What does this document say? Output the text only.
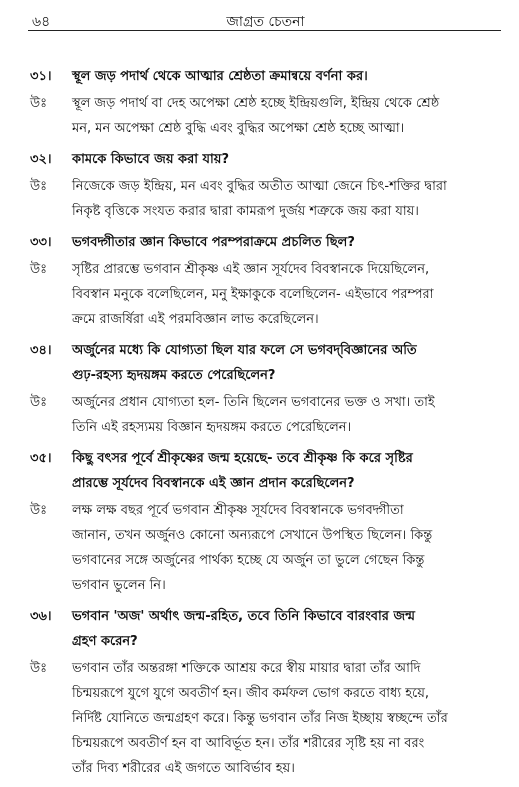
৬৪	জাগ্রত চেতনা
৩১।	স্থূল জড় পদার্থ থেকে আত্মার শ্রেষ্ঠতা ক্রমান্বয়ে বর্ণনা কর।
উঃ	স্থূল জড় পদার্থ বা দেহ অপেক্ষা শ্রেষ্ঠ হচ্ছে ইন্দ্রিয়গুলি, ইন্দ্রিয় থেকে শ্রেষ্ঠ
মন, মন অপেক্ষা শ্রেষ্ঠ বুদ্ধি এবং বুদ্ধির অপেক্ষা শ্রেষ্ঠ হচ্ছে আত্মা।
৩২।	কামকে কিভাবে জয় করা যায়?
উঃ	নিজেকে জড় ইন্দ্রিয়, মন এবং বুদ্ধির অতীত আত্মা জেনে চিৎ-শক্তির দ্বারা
নিকৃষ্ট বৃত্তিকে সংযত করার দ্বারা কামরূপ দুর্জয় শত্রুকে জয় করা যায়।
৩৩।	ভগবদ্গীতার জ্ঞান কিভাবে পরম্পরাক্রমে প্রচলিত ছিল?
উঃ	সৃষ্টির প্রারম্ভে ভগবান শ্রীকৃষ্ণ এই জ্ঞান সূর্যদেব বিবস্বানকে দিয়েছিলেন,
বিবস্বান মনুকে বলেছিলেন, মনু ইক্ষাকুকে বলেছিলেন- এইভাবে পরম্পরা
ক্রমে রাজর্ষিরা এই পরমবিজ্ঞান লাভ করেছিলেন।
৩৪।	অর্জুনের মধ্যে কি যোগ্যতা ছিল যার ফলে সে ভগবদ্‌বিজ্ঞানের অতি
গুঢ়-রহস্য হৃদয়ঙ্গম করতে পেরেছিলেন?
উঃ	অর্জুনের প্রধান যোগ্যতা হল- তিনি ছিলেন ভগবানের ভক্ত ও সখা। তাই
তিনি এই রহস্যময় বিজ্ঞান হৃদয়ঙ্গম করতে পেরেছিলেন।
৩৫।	কিছু বৎসর পূর্বে শ্রীকৃষ্ণের জন্ম হয়েছে- তবে শ্রীকৃষ্ণ কি করে সৃষ্টির
প্রারম্ভে সূর্যদেব বিবস্বানকে এই জ্ঞান প্রদান করেছিলেন?
উঃ	লক্ষ লক্ষ বছর পূর্বে ভগবান শ্রীকৃষ্ণ সূর্যদেব বিবস্বানকে ভগবদ্গীতা
জানান, তখন অর্জুনও কোনো অন্যরূপে সেখানে উপস্থিত ছিলেন। কিন্তু
ভগবানের সঙ্গে অর্জুনের পার্থক্য হচ্ছে যে অর্জুন তা ভুলে গেছেন কিন্তু
ভগবান ভুলেন নি।
৩৬।	ভগবান 'অজ' অর্থাৎ জন্ম-রহিত, তবে তিনি কিভাবে বারংবার জন্ম
গ্রহণ করেন?
উঃ	ভগবান তাঁর অন্তরঙ্গা শক্তিকে আশ্রয় করে স্বীয় মায়ার দ্বারা তাঁর আদি
চিন্ময়রূপে যুগে যুগে অবতীর্ণ হন। জীব কর্মফল ভোগ করতে বাধ্য হয়ে,
নির্দিষ্ট যোনিতে জন্মগ্রহণ করে। কিন্তু ভগবান তাঁর নিজ ইচ্ছায় স্বচ্ছন্দে তাঁর
চিন্ময়রূপে অবতীর্ণ হন বা আবির্ভূত হন। তাঁর শরীরের সৃষ্টি হয় না বরং
তাঁর দিব্য শরীরের এই জগতে আবির্ভাব হয়।
